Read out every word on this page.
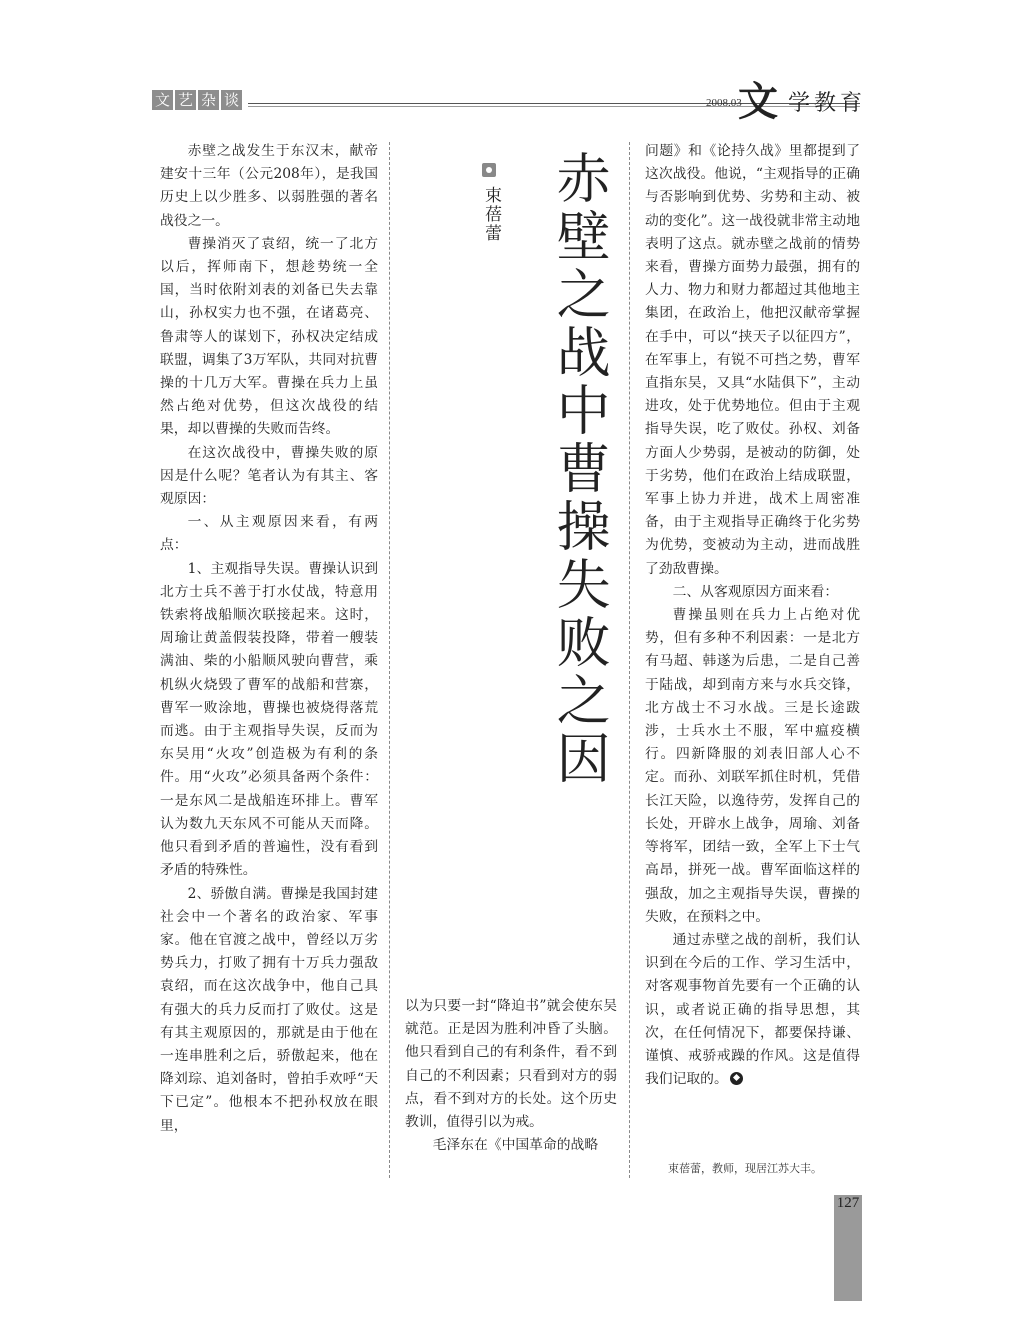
文 艺 杂 谈	2008.03
文 学教育

赤壁之战发生于东汉末，献帝建安十三年（公元208年），是我国历史上以少胜多、以弱胜强的著名战役之一。

曹操消灭了袁绍，统一了北方以后，挥师南下，想趁势统一全国，当时依附刘表的刘备已失去靠山，孙权实力也不强，在诸葛亮、鲁肃等人的谋划下，孙权决定结成联盟，调集了3万军队，共同对抗曹操的十几万大军。曹操在兵力上虽然占绝对优势，但这次战役的结果，却以曹操的失败而告终。

在这次战役中，曹操失败的原因是什么呢？笔者认为有其主、客观原因：

一、从主观原因来看，有两点：

1、主观指导失误。曹操认识到北方士兵不善于打水仗战，特意用铁索将战船顺次联接起来。这时，周瑜让黄盖假装投降，带着一艘装满油、柴的小船顺风驶向曹营，乘机纵火烧毁了曹军的战船和营寨，曹军一败涂地，曹操也被烧得落荒而逃。由于主观指导失误，反而为东吴用“火攻”创造极为有利的条件。用“火攻”必须具备两个条件：一是东风二是战船连环排上。曹军认为数九天东风不可能从天而降。他只看到矛盾的普遍性，没有看到矛盾的特殊性。

2、骄傲自满。曹操是我国封建社会中一个著名的政治家、军事家。他在官渡之战中，曾经以万劣势兵力，打败了拥有十万兵力强敌袁绍，而在这次战争中，他自己具有强大的兵力反而打了败仗。这是有其主观原因的，那就是由于他在一连串胜利之后，骄傲起来，他在降刘琮、追刘备时，曾拍手欢呼“天下已定”。他根本不把孙权放在眼里，

束蓓蕾 赤壁之战中曹操失败之因

以为只要一封“降迫书”就会使东吴就范。正是因为胜利冲昏了头脑。他只看到自己的有利条件，看不到自己的不利因素；只看到对方的弱点，看不到对方的长处。这个历史教训，值得引以为戒。

毛泽东在《中国革命的战略

问题》和《论持久战》里都提到了这次战役。他说，“主观指导的正确与否影响到优势、劣势和主动、被动的变化”。这一战役就非常主动地表明了这点。就赤壁之战前的情势来看，曹操方面势力最强，拥有的人力、物力和财力都超过其他地主集团，在政治上，他把汉献帝掌握在手中，可以“挟天子以征四方”，在军事上，有锐不可挡之势，曹军直指东吴，又具“水陆俱下”，主动进攻，处于优势地位。但由于主观指导失误，吃了败仗。孙权、刘备方面人少势弱，是被动的防御，处于劣势，他们在政治上结成联盟，军事上协力并进，战术上周密准备，由于主观指导正确终于化劣势为优势，变被动为主动，进而战胜了劲敌曹操。

二、从客观原因方面来看：

曹操虽则在兵力上占绝对优势，但有多种不利因素：一是北方有马超、韩遂为后患，二是自己善于陆战，却到南方来与水兵交锋，北方战士不习水战。三是长途跋涉，士兵水土不服，军中瘟疫横行。四新降服的刘表旧部人心不定。而孙、刘联军抓住时机，凭借长江天险，以逸待劳，发挥自己的长处，开辟水上战争，周瑜、刘备等将军，团结一致，全军上下士气高昂，拼死一战。曹军面临这样的强敌，加之主观指导失误，曹操的失败，在预料之中。

通过赤壁之战的剖析，我们认识到在今后的工作、学习生活中，对客观事物首先要有一个正确的认识，或者说正确的指导思想，其次，在任何情况下，都要保持谦、谨慎、戒骄戒躁的作风。这是值得我们记取的。

束蓓蕾，教师，现居江苏大丰。
127
